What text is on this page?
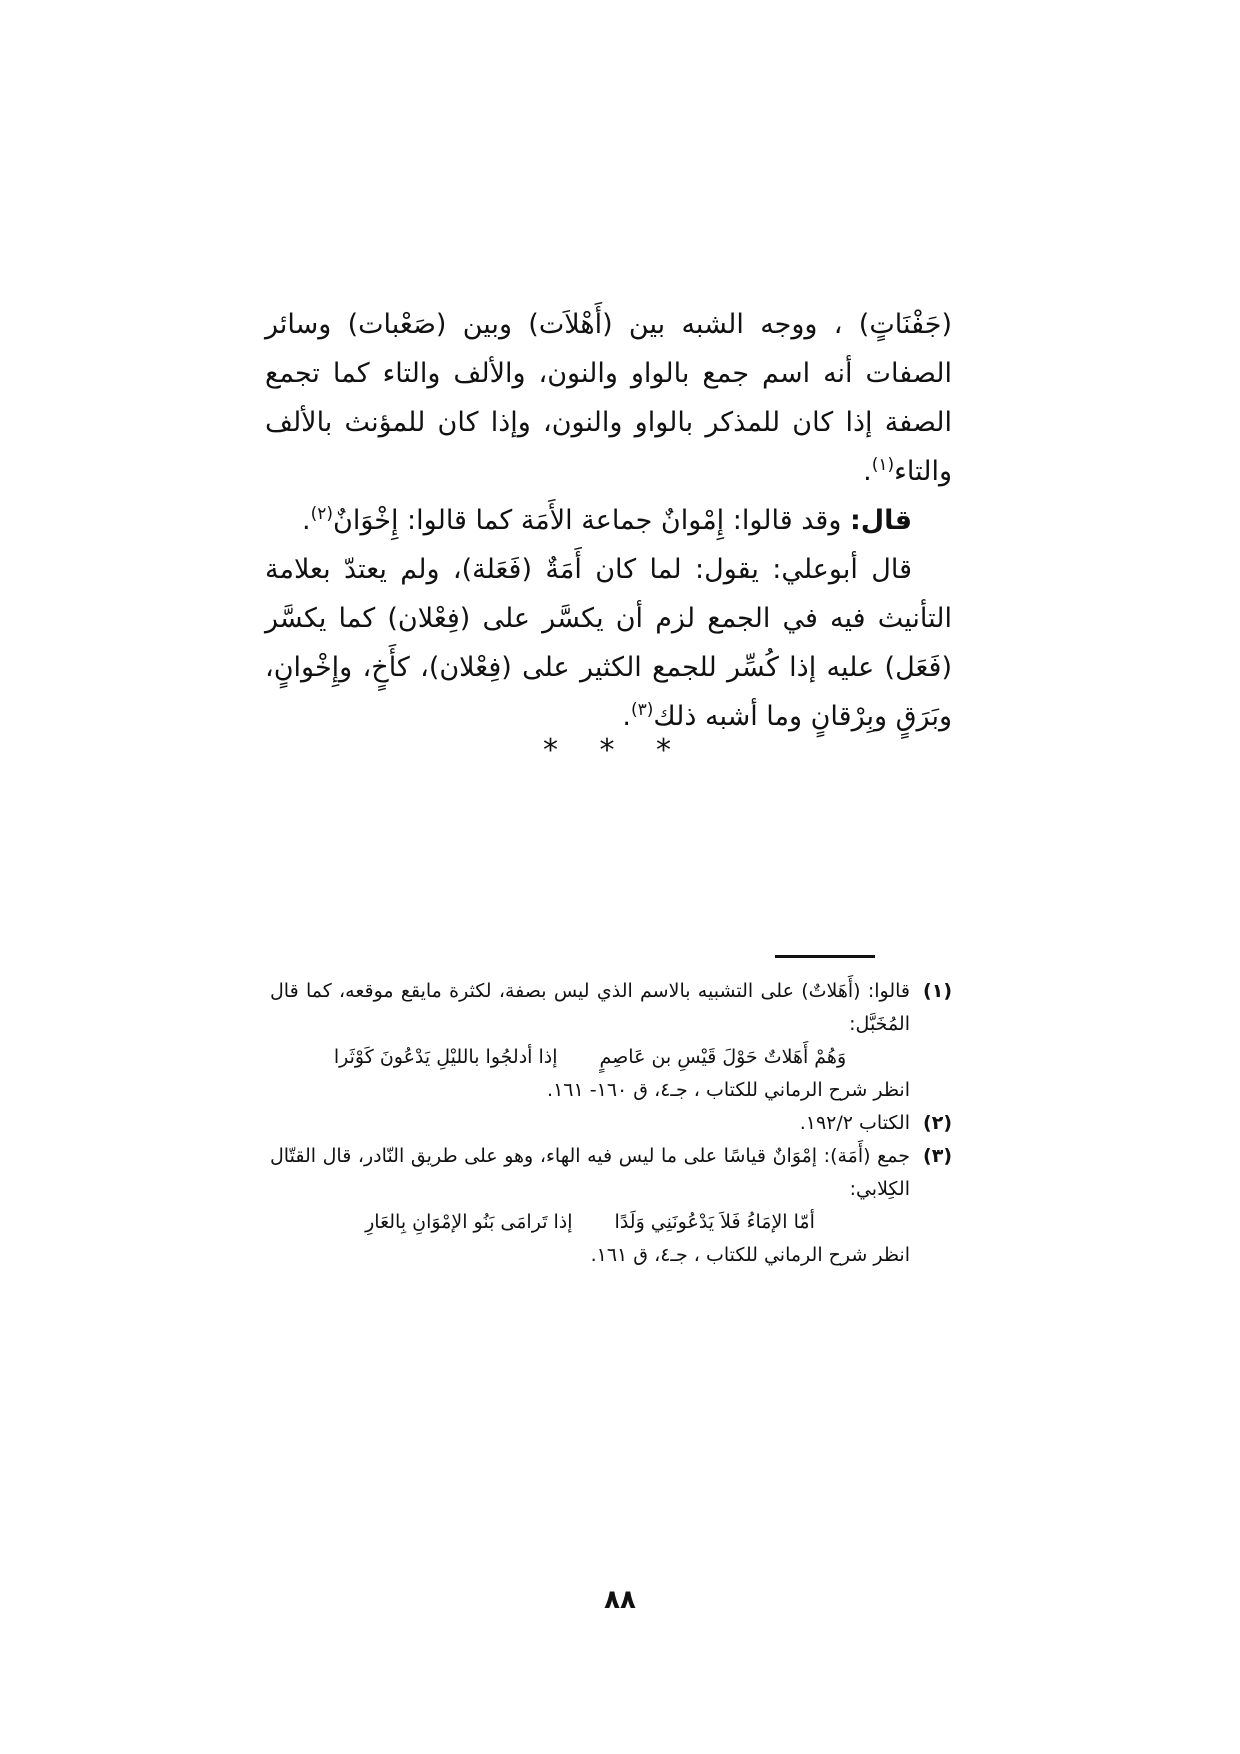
(جَفْنَاتٍ) ، ووجه الشبه بين (أَهْلاَت) وبين (صَعْبات) وسائر الصفات أنه اسم جمع بالواو والنون، والألف والتاء كما تجمع الصفة إذا كان للمذكر بالواو والنون، وإذا كان للمؤنث بالألف والتاء$^{(١)}$.

قال: وقد قالوا: إِمْوانٌ جماعة الأَمَة كما قالوا: إِخْوَانٌ$^{(٢)}$.

قال أبوعلي: يقول: لما كان أَمَةٌ (فَعَلة)، ولم يعتدّ بعلامة التأنيث فيه في الجمع لزم أن يكسَّر على (فِعْلان) كما يكسَّر (فَعَل) عليه إذا كُسِّر للجمع الكثير على (فِعْلان)، كأَخٍ، وإِخْوانٍ، وبَرَقٍ وبِرْقانٍ وما أشبه ذلك$^{(٣)}$.

* * *
(١)
قالوا: (أَهَلاتٌ) على التشبيه بالاسم الذي ليس بصفة، لكثرة مايقع موقعه، كما قال المُخَبَّل:
وَهُمْ أَهَلاتٌ حَوْلَ قَيْسِ بن عَاصِمٍ
إذا أدلجُوا بالليْلِ يَدْعُونَ كَوْثَرا
انظر شرح الرماني للكتاب ، جـ٤، ق ١٦٠- ١٦١.
(٢)
الكتاب ١٩٢/٢.
(٣)
جمع (أَمَة): إمْوَانٌ قياسًا على ما ليس فيه الهاء، وهو على طريق النّادر، قال القتّال الكِلابي:
أمّا الإمَاءُ فَلاَ يَدْعُونَنِي وَلَدًا
إذا تَرامَى بَنُو الإمْوَانِ بِالعَارِ
انظر شرح الرماني للكتاب ، جـ٤، ق ١٦١.
٨٨
